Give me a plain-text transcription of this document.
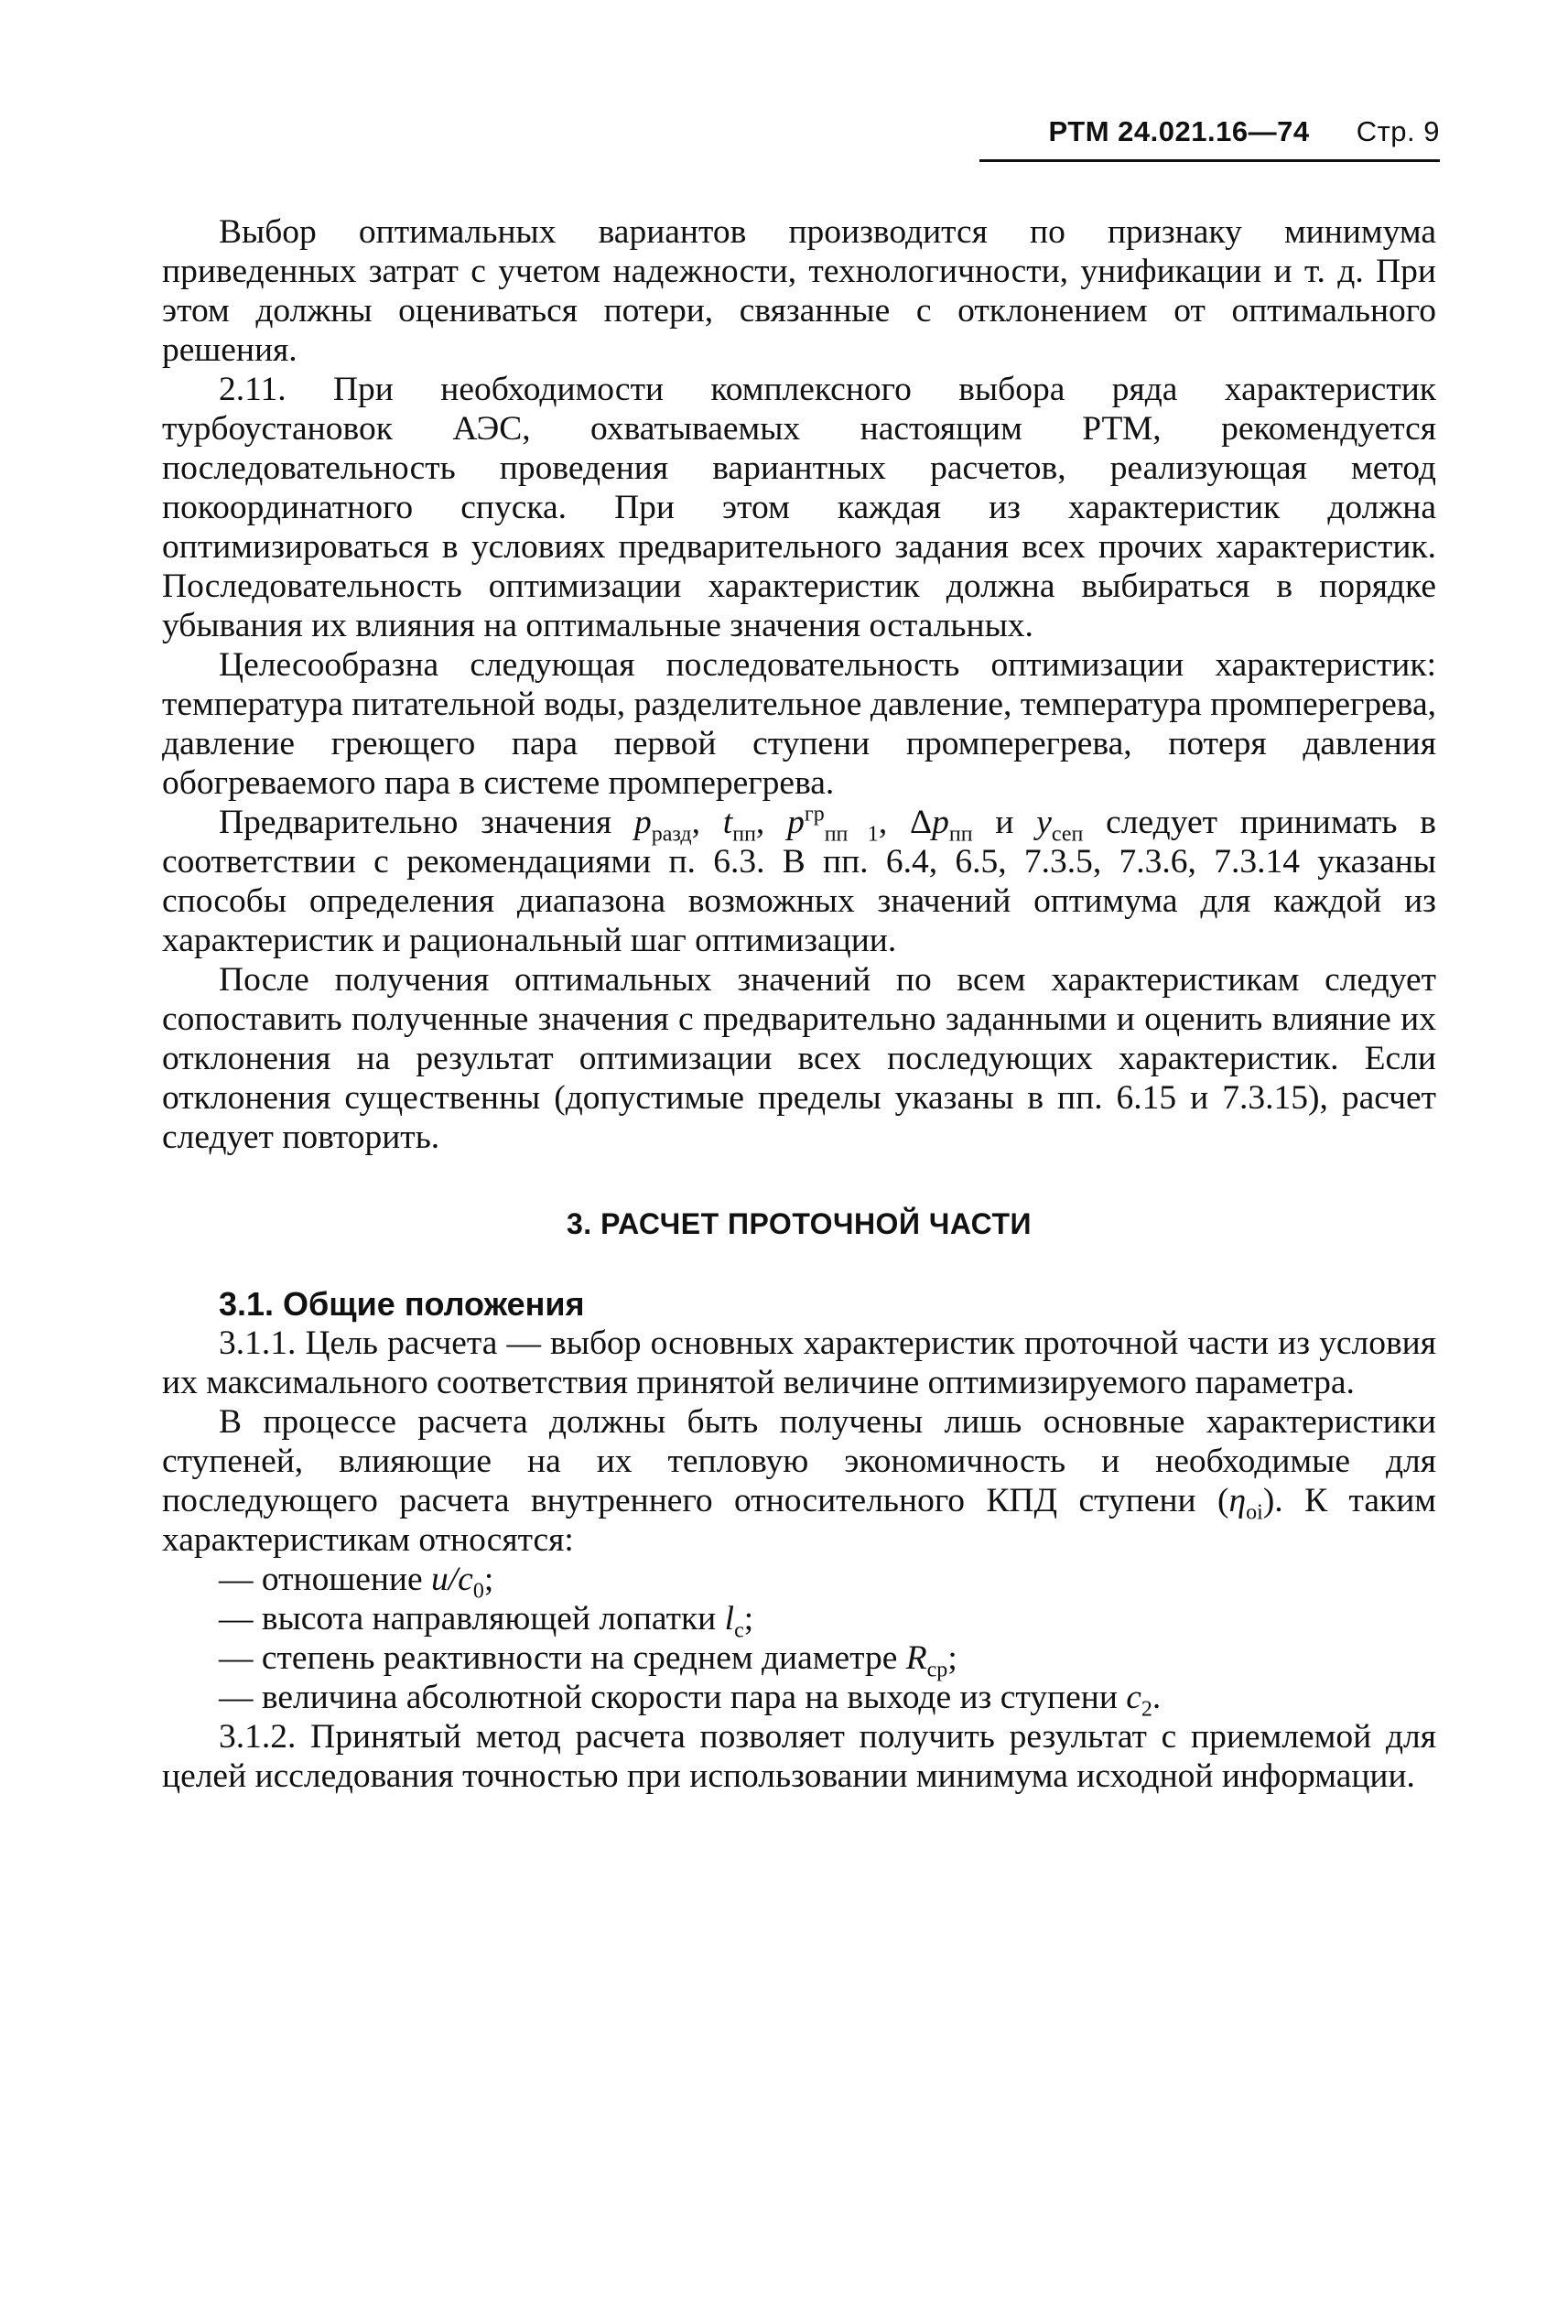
РТМ 24.021.16—74 Стр. 9

Выбор оптимальных вариантов производится по признаку минимума приведенных затрат с учетом надежности, технологичности, унификации и т. д. При этом должны оцениваться потери, связанные с отклонением от оптимального решения.

2.11. При необходимости комплексного выбора ряда характеристик турбоустановок АЭС, охватываемых настоящим РТМ, рекомендуется последовательность проведения вариантных расчетов, реализующая метод покоординатного спуска. При этом каждая из характеристик должна оптимизироваться в условиях предварительного задания всех прочих характеристик. Последовательность оптимизации характеристик должна выбираться в порядке убывания их влияния на оптимальные значения остальных.

Целесообразна следующая последовательность оптимизации характеристик: температура питательной воды, разделительное давление, температура промперегрева, давление греющего пара первой ступени промперегрева, потеря давления обогреваемого пара в системе промперегрева.

Предварительно значения $p_{разд}$, $t_{пп}$, $p^{гр}_{пп 1}$, $\Delta p_{пп}$ и $y_{сеп}$ следует принимать в соответствии с рекомендациями п. 6.3. В пп. 6.4, 6.5, 7.3.5, 7.3.6, 7.3.14 указаны способы определения диапазона возможных значений оптимума для каждой из характеристик и рациональный шаг оптимизации.

После получения оптимальных значений по всем характеристикам следует сопоставить полученные значения с предварительно заданными и оценить влияние их отклонения на результат оптимизации всех последующих характеристик. Если отклонения существенны (допустимые пределы указаны в пп. 6.15 и 7.3.15), расчет следует повторить.

3. РАСЧЕТ ПРОТОЧНОЙ ЧАСТИ
3.1. Общие положения

3.1.1. Цель расчета — выбор основных характеристик проточной части из условия их максимального соответствия принятой величине оптимизируемого параметра.

В процессе расчета должны быть получены лишь основные характеристики ступеней, влияющие на их тепловую экономичность и необходимые для последующего расчета внутреннего относительного КПД ступени $(\eta_{oi})$. К таким характеристикам относятся:

— отношение $u/c_0$;

— высота направляющей лопатки $l_c$;

— степень реактивности на среднем диаметре $R_{ср}$;

— величина абсолютной скорости пара на выходе из ступени $c_2$.

3.1.2. Принятый метод расчета позволяет получить результат с приемлемой для целей исследования точностью при использовании минимума исходной информации.
